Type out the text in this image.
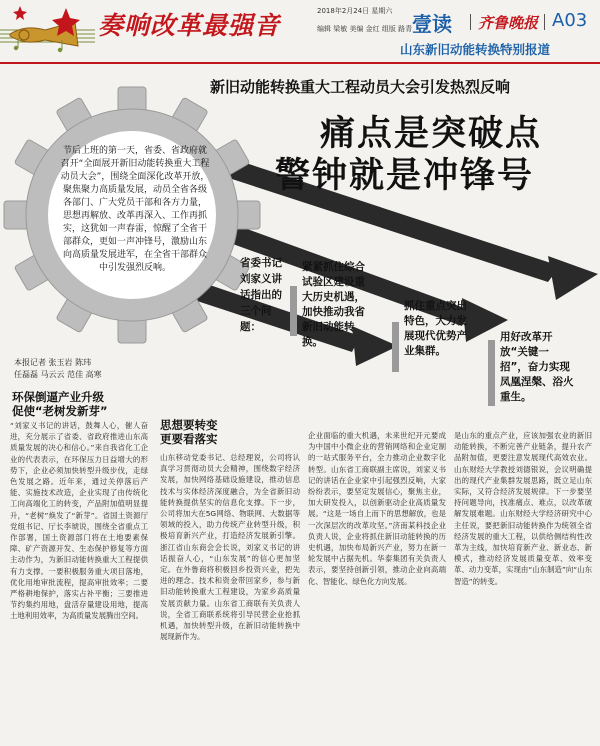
奏响改革最强音	2018年2月24日 星期六
编辑 梁敏 美编 金红 组版 路青 壹读 齐鲁晚报 A03
山东新旧动能转换特别报道
节后上班的第一天，省委、省政府就召开“全面展开新旧动能转换重大工程动员大会”，围绕全面深化改革开放，聚焦聚力高质量发展，动员全省各级各部门、广大党员干部和各方力量，思想再解放、改革再深入、工作再抓实，这犹如一声春雷，惊醒了全省干部群众，更如一声冲锋号，激励山东向高质量发展进军，在全省干部群众中引发强烈反响。
新旧动能转换重大工程动员大会引发热烈反响
痛点是突破点
警钟就是冲锋号
省委书记刘家义讲话指出的三个问题：
紧紧抓住综合试验区建设重大历史机遇，加快推动我省新旧动能转换。
抓住重点突出特色，大力发展现代优势产业集群。
用好改革开放“关键一招”，奋力实现凤凰涅槃、浴火重生。
本报记者 张玉岩 陈玮
任磊磊 马云云 范佳 高寒
环保倒逼产业升级
促使“老树发新芽”
思想要转变
更要看落实
“刘家义书记的讲话，鼓舞人心，催人奋进，充分展示了省委、省政府推进山东高质量发展的决心和信心。”来自我省化工企业的代表表示，在环保压力日益增大的形势下，企业必须加快转型升级步伐，走绿色发展之路。近年来，通过关停落后产能、实施技术改造，企业实现了由传统化工向高端化工的转变，产品附加值明显提升，“老树”焕发了“新芽”。省国土资源厅党组书记、厅长李琥说，围绕全省重点工作部署，国土资源部门将在土地要素保障、矿产资源开发、生态保护修复等方面主动作为，为新旧动能转换重大工程提供有力支撑。一要积极服务重大项目落地，优化用地审批流程，提高审批效率；二要严格耕地保护，落实占补平衡；三要推进节约集约用地，盘活存量建设用地，提高土地利用效率，为高质量发展腾出空间。
山东移动党委书记、总经理说，公司将认真学习贯彻动员大会精神，围绕数字经济发展，加快网络基础设施建设，推动信息技术与实体经济深度融合，为全省新旧动能转换提供坚实的信息化支撑。下一步，公司将加大在5G网络、物联网、大数据等领域的投入，助力传统产业转型升级，积极培育新兴产业，打造经济发展新引擎。浙江省山东商会会长说，刘家义书记的讲话振奋人心，“山东发展”的信心更加坚定。在外鲁商将积极回乡投资兴业，把先进的理念、技术和资金带回家乡，参与新旧动能转换重大工程建设，为家乡高质量发展贡献力量。山东省工商联有关负责人说，全省工商联系统将引导民营企业抢抓机遇，加快转型升级，在新旧动能转换中展现新作为。
企业面临的重大机遇，未来世纪开元要成为中国中小微企业的营销网络和企业定制的一站式服务平台，全力推动企业数字化转型。山东省工商联副主席说，刘家义书记的讲话在企业家中引起强烈反响，大家纷纷表示，要坚定发展信心，聚焦主业，加大研发投入，以创新驱动企业高质量发展。“这是一场自上而下的思想解放，也是一次深层次的改革攻坚。”济南某科技企业负责人说，企业将抓住新旧动能转换的历史机遇，加快布局新兴产业，努力在新一轮发展中占据先机。华泰集团有关负责人表示，要坚持创新引领，推动企业向高端化、智能化、绿色化方向发展。
是山东的重点产业，应该加强农业的新旧动能转换，不断完善产业链条，提升农产品附加值，更要注意发展现代高效农业。山东财经大学教授刘德银说，会议明确提出的现代产业集群发展思路，既立足山东实际，又符合经济发展规律。下一步要坚持问题导向，找准痛点、难点，以改革破解发展难题。山东财经大学经济研究中心主任说，要把新旧动能转换作为统领全省经济发展的重大工程，以供给侧结构性改革为主线，加快培育新产业、新业态、新模式，推动经济发展质量变革、效率变革、动力变革，实现由“山东制造”向“山东智造”的转变。
